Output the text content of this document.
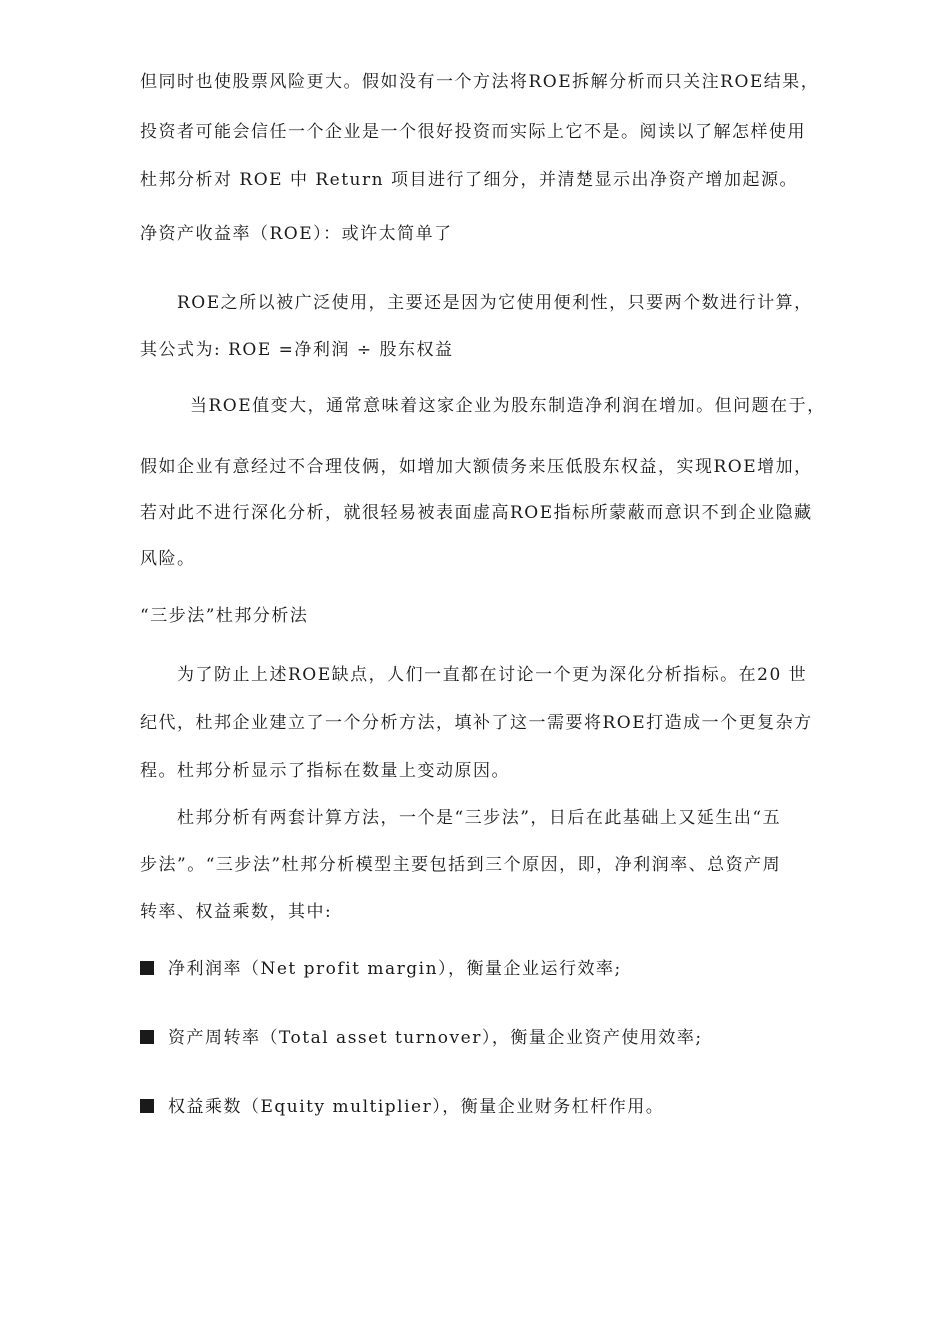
但同时也使股票风险更大。假如没有一个方法将ROE拆解分析而只关注ROE结果，
投资者可能会信任一个企业是一个很好投资而实际上它不是。阅读以了解怎样使用
杜邦分析对 ROE 中 Return 项目进行了细分，并清楚显示出净资产增加起源。
净资产收益率（ROE）：或许太简单了
ROE之所以被广泛使用，主要还是因为它使用便利性，只要两个数进行计算，
其公式为: ROE =净利润 ÷ 股东权益
当ROE值变大，通常意味着这家企业为股东制造净利润在增加。但问题在于，
假如企业有意经过不合理伎俩，如增加大额债务来压低股东权益，实现ROE增加，
若对此不进行深化分析，就很轻易被表面虚高ROE指标所蒙蔽而意识不到企业隐藏
风险。
“三步法”杜邦分析法
为了防止上述ROE缺点，人们一直都在讨论一个更为深化分析指标。在20 世
纪代，杜邦企业建立了一个分析方法，填补了这一需要将ROE打造成一个更复杂方
程。杜邦分析显示了指标在数量上变动原因。
杜邦分析有两套计算方法，一个是“三步法”，日后在此基础上又延生出“五
步法”。“三步法”杜邦分析模型主要包括到三个原因，即，净利润率、总资产周
转率、权益乘数，其中:
净利润率（Net profit margin），衡量企业运行效率;
资产周转率（Total asset turnover），衡量企业资产使用效率;
权益乘数（Equity multiplier），衡量企业财务杠杆作用。
